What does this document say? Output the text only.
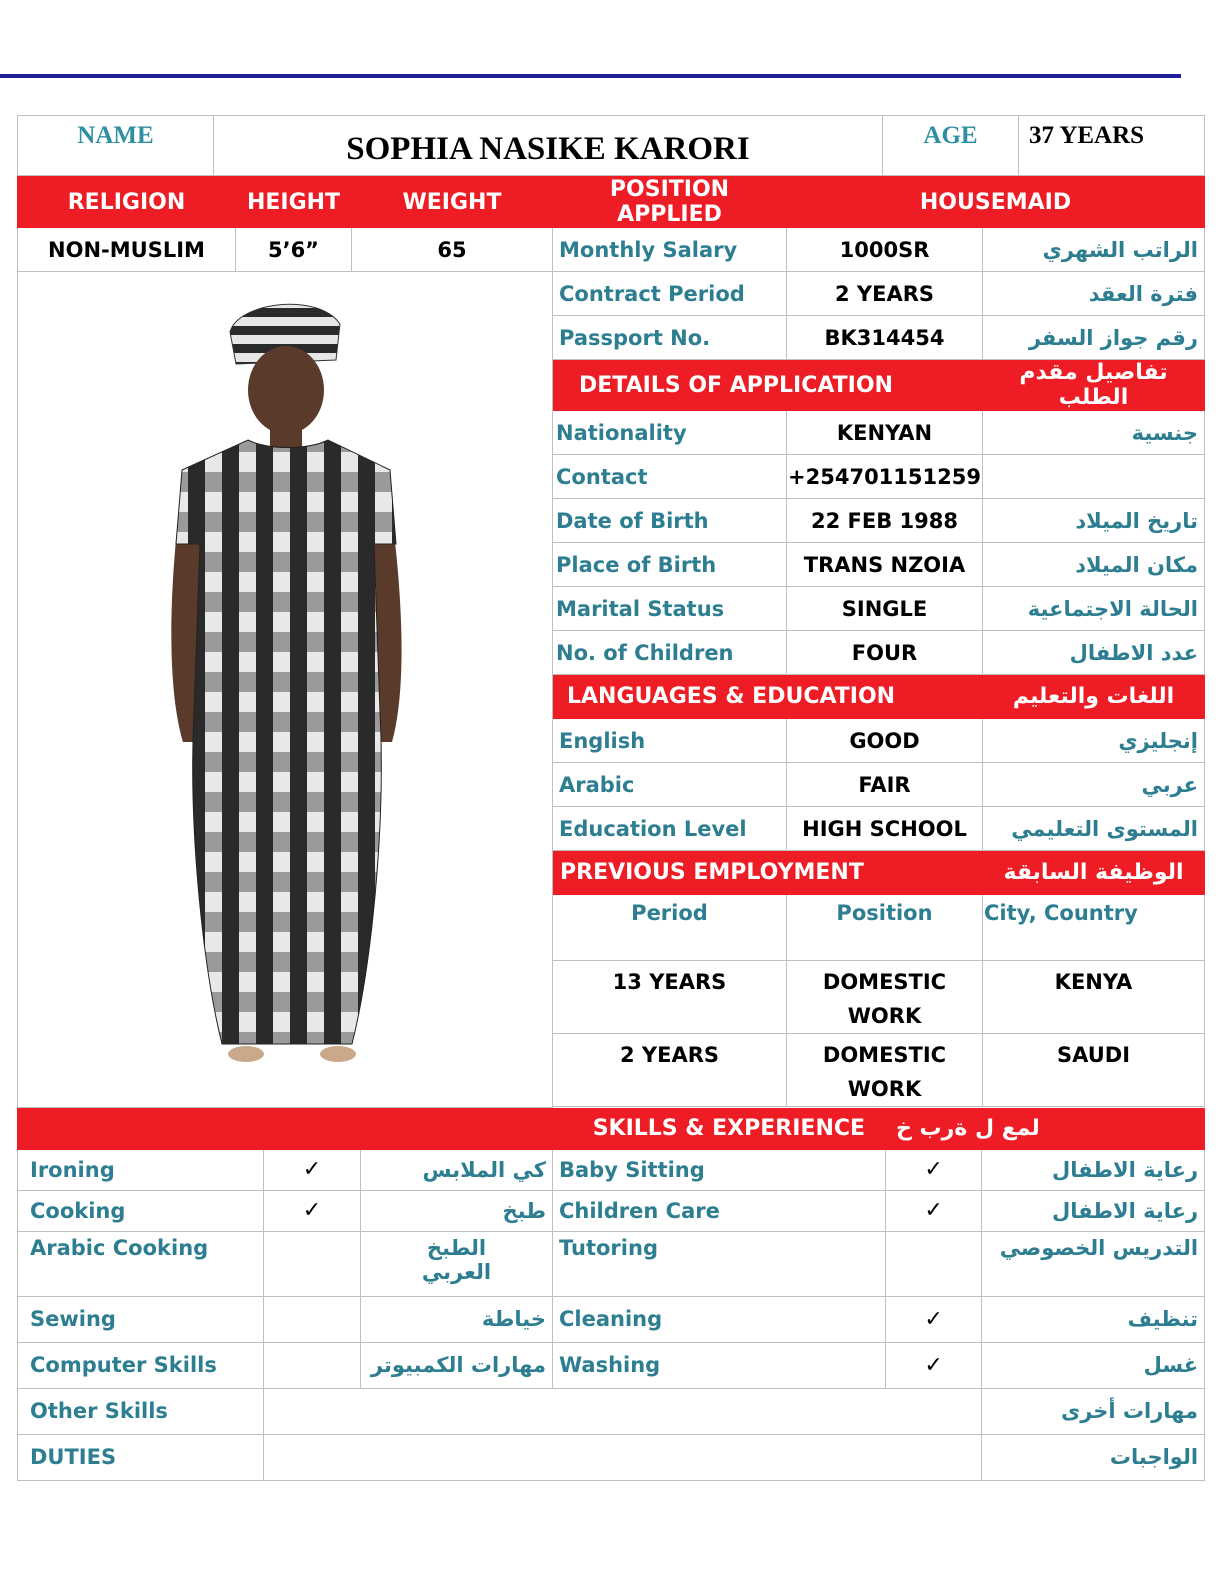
NAME	SOPHIA NASIKE KARORI	AGE	37 YEARS
RELIGION	HEIGHT	WEIGHT	POSITION APPLIED	HOUSEMAID	
NON-MUSLIM	5’6”	65	Monthly Salary	1000SR	الراتب الشهري

	Contract Period	2 YEARS	فترة العقد
			Passport No.	BK314454	رقم جواز السفر
			DETAILS OF APPLICATION		تفاصيل مقدم الطلب
			Nationality	KENYAN	جنسية
			Contact	+254701151259	
			Date of Birth	22 FEB 1988	تاريخ الميلاد
			Place of Birth	TRANS NZOIA	مكان الميلاد
			Marital Status	SINGLE	الحالة الاجتماعية
			No. of Children	FOUR	عدد الاطفال
			LANGUAGES & EDUCATION		اللغات والتعليم
			English	GOOD	إنجليزي
			Arabic	FAIR	عربي
			Education Level	HIGH SCHOOL	المستوى التعليمي
			PREVIOUS EMPLOYMENT		الوظيفة السابقة
			Period	Position	City, Country
			13 YEARS	DOMESTIC WORK	KENYA
			2 YEARS	DOMESTIC WORK	SAUDI

SKILLS & EXPERIENCE				لمع ل ةرب خ	
Ironing	✓	كي الملابس	Baby Sitting	✓	رعاية الاطفال
Cooking	✓	طبخ	Children Care	✓	رعاية الاطفال
Arabic Cooking		الطبخ العربي	Tutoring		التدريس الخصوصي
Sewing		خياطة	Cleaning	✓	تنظيف
Computer Skills		مهارات الكمبيوتر	Washing	✓	غسل
Other Skills					مهارات أخرى
DUTIES					الواجبات
